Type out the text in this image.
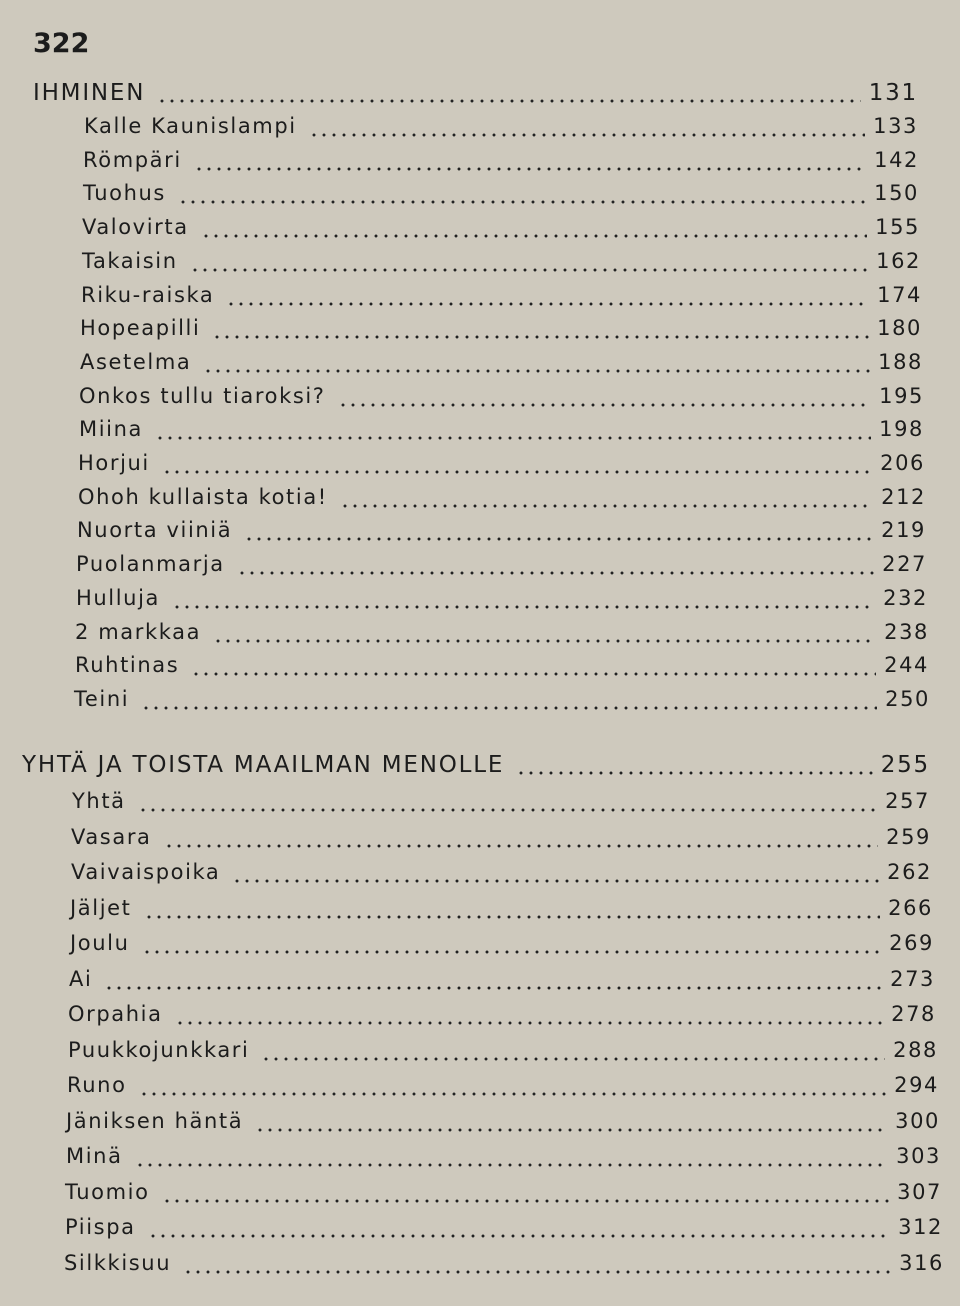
322
IHMINEN	131
Kalle Kaunislampi	133
Römpäri	142
Tuohus	150
Valovirta	155
Takaisin	162
Riku-raiska	174
Hopeapilli	180
Asetelma	188
Onkos tullu tiaroksi?	195
Miina	198
Horjui	206
Ohoh kullaista kotia!	212
Nuorta viiniä	219
Puolanmarja	227
Hulluja	232
2 markkaa	238
Ruhtinas	244
Teini	250
YHTÄ JA TOISTA MAAILMAN MENOLLE	255
Yhtä	257
Vasara	259
Vaivaispoika	262
Jäljet	266
Joulu	269
Ai	273
Orpahia	278
Puukkojunkkari	288
Runo	294
Jäniksen häntä	300
Minä	303
Tuomio	307
Piispa	312
Silkkisuu	316
